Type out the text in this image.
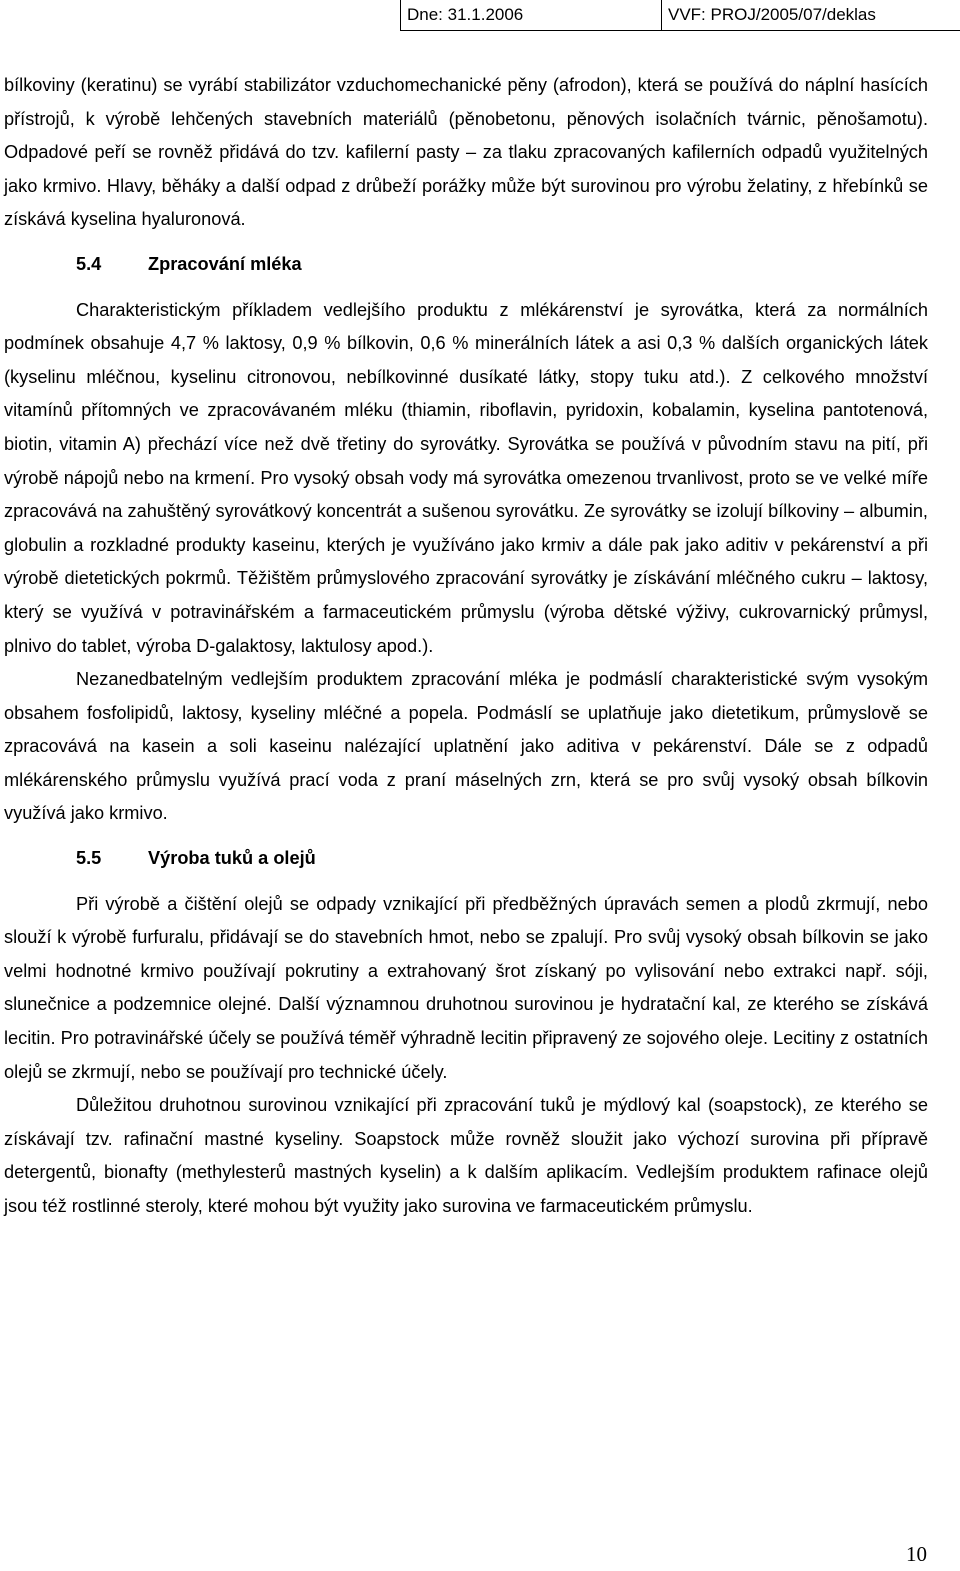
Dne: 31.1.2006	VVF: PROJ/2005/07/deklas

bílkoviny (keratinu) se vyrábí stabilizátor vzduchomechanické pěny (afrodon), která se používá do náplní hasících přístrojů, k výrobě lehčených stavebních materiálů (pěnobetonu, pěnových isolačních tvárnic, pěnošamotu). Odpadové peří se rovněž přidává do tzv. kafilerní pasty – za tlaku zpracovaných kafilerních odpadů využitelných jako krmivo. Hlavy, běháky a další odpad z drůbeží porážky může být surovinou pro výrobu želatiny, z hřebínků se získává kyselina hyaluronová.

5.4	Zpracování mléka

Charakteristickým příkladem vedlejšího produktu z mlékárenství je syrovátka, která za normálních podmínek obsahuje 4,7 % laktosy, 0,9 % bílkovin, 0,6 % minerálních látek a asi 0,3 % dalších organických látek (kyselinu mléčnou, kyselinu citronovou, nebílkovinné dusíkaté látky, stopy tuku atd.). Z celkového množství vitamínů přítomných ve zpracovávaném mléku (thiamin, riboflavin, pyridoxin, kobalamin, kyselina pantotenová, biotin, vitamin A) přechází více než dvě třetiny do syrovátky. Syrovátka se používá v původním stavu na pití, při výrobě nápojů nebo na krmení. Pro vysoký obsah vody má syrovátka omezenou trvanlivost, proto se ve velké míře zpracovává na zahuštěný syrovátkový koncentrát a sušenou syrovátku. Ze syrovátky se izolují bílkoviny – albumin, globulin a rozkladné produkty kaseinu, kterých je využíváno jako krmiv a dále pak jako aditiv v pekárenství a při výrobě dietetických pokrmů. Těžištěm průmyslového zpracování syrovátky je získávání mléčného cukru – laktosy, který se využívá v potravinářském a farmaceutickém průmyslu (výroba dětské výživy, cukrovarnický průmysl, plnivo do tablet, výroba D-galaktosy, laktulosy apod.).

Nezanedbatelným vedlejším produktem zpracování mléka je podmáslí charakteristické svým vysokým obsahem fosfolipidů, laktosy, kyseliny mléčné a popela. Podmáslí se uplatňuje jako dietetikum, průmyslově se zpracovává na kasein a soli kaseinu nalézající uplatnění jako aditiva v pekárenství. Dále se z odpadů mlékárenského průmyslu využívá prací voda z praní máselných zrn, která se pro svůj vysoký obsah bílkovin využívá jako krmivo.

5.5	Výroba tuků a olejů

Při výrobě a čištění olejů se odpady vznikající při předběžných úpravách semen a plodů zkrmují, nebo slouží k výrobě furfuralu, přidávají se do stavebních hmot, nebo se zpalují. Pro svůj vysoký obsah bílkovin se jako velmi hodnotné krmivo používají pokrutiny a extrahovaný šrot získaný po vylisování nebo extrakci např. sóji, slunečnice a podzemnice olejné. Další významnou druhotnou surovinou je hydratační kal, ze kterého se získává lecitin. Pro potravinářské účely se používá téměř výhradně lecitin připravený ze sojového oleje. Lecitiny z ostatních olejů se zkrmují, nebo se používají pro technické účely.

Důležitou druhotnou surovinou vznikající při zpracování tuků je mýdlový kal (soapstock), ze kterého se získávají tzv. rafinační mastné kyseliny. Soapstock může rovněž sloužit jako výchozí surovina při přípravě detergentů, bionafty (methylesterů mastných kyselin) a k dalším aplikacím. Vedlejším produktem rafinace olejů jsou též rostlinné steroly, které mohou být využity jako surovina ve farmaceutickém průmyslu.

10
